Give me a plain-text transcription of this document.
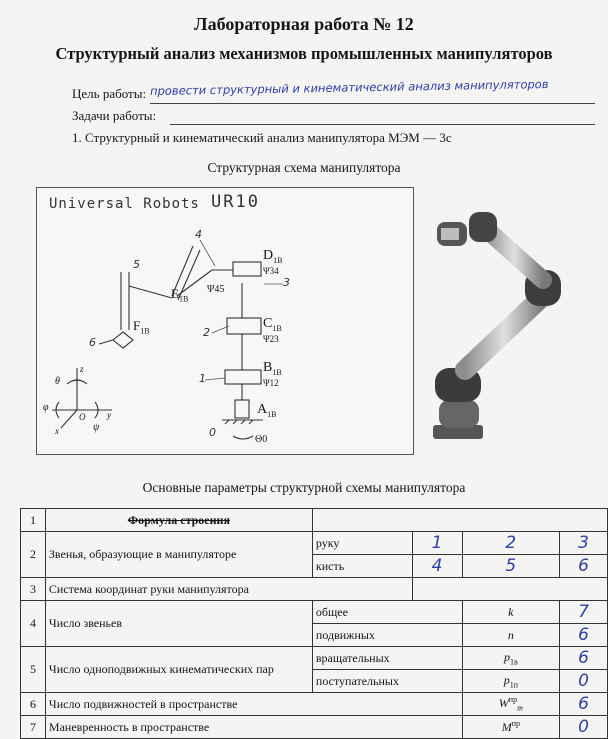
Лабораторная работа № 12
Структурный анализ механизмов промышленных манипуляторов
Цель работы: провести структурный и кинематический анализ манипуляторов
Задачи работы:
1. Структурный и кинематический анализ манипулятора МЭМ — 3с
Структурная схема манипулятора
Universal Robots UR10
4
3
2
1
5
6
0
$D_{1B}$
$C_{1B}$
$B_{1B}$
$A_{1B}$
$E_{1B}$
$F_{1B}$
Ψ34
Ψ23
Ψ12
Ψ45
Θ0
z
y
x
θ
φ
ψ
O
Основные параметры структурной схемы манипулятора
1	Формула строения				
2	Звенья, образующие в манипуляторе	руку	1	2	3
		кисть	4	5	6
3	Система координат руки манипулятора				
4	Число звеньев	общее		k	7
		подвижных		n	6
5	Число одноподвижных кинематических пар	вращательных		$p_{1в}$	6
		поступательных		$p_{1п}$	0
6	Число подвижностей в пространстве			$W^{пр}_т$	6
7	Маневренность в пространстве			$M^{пр}$	0
